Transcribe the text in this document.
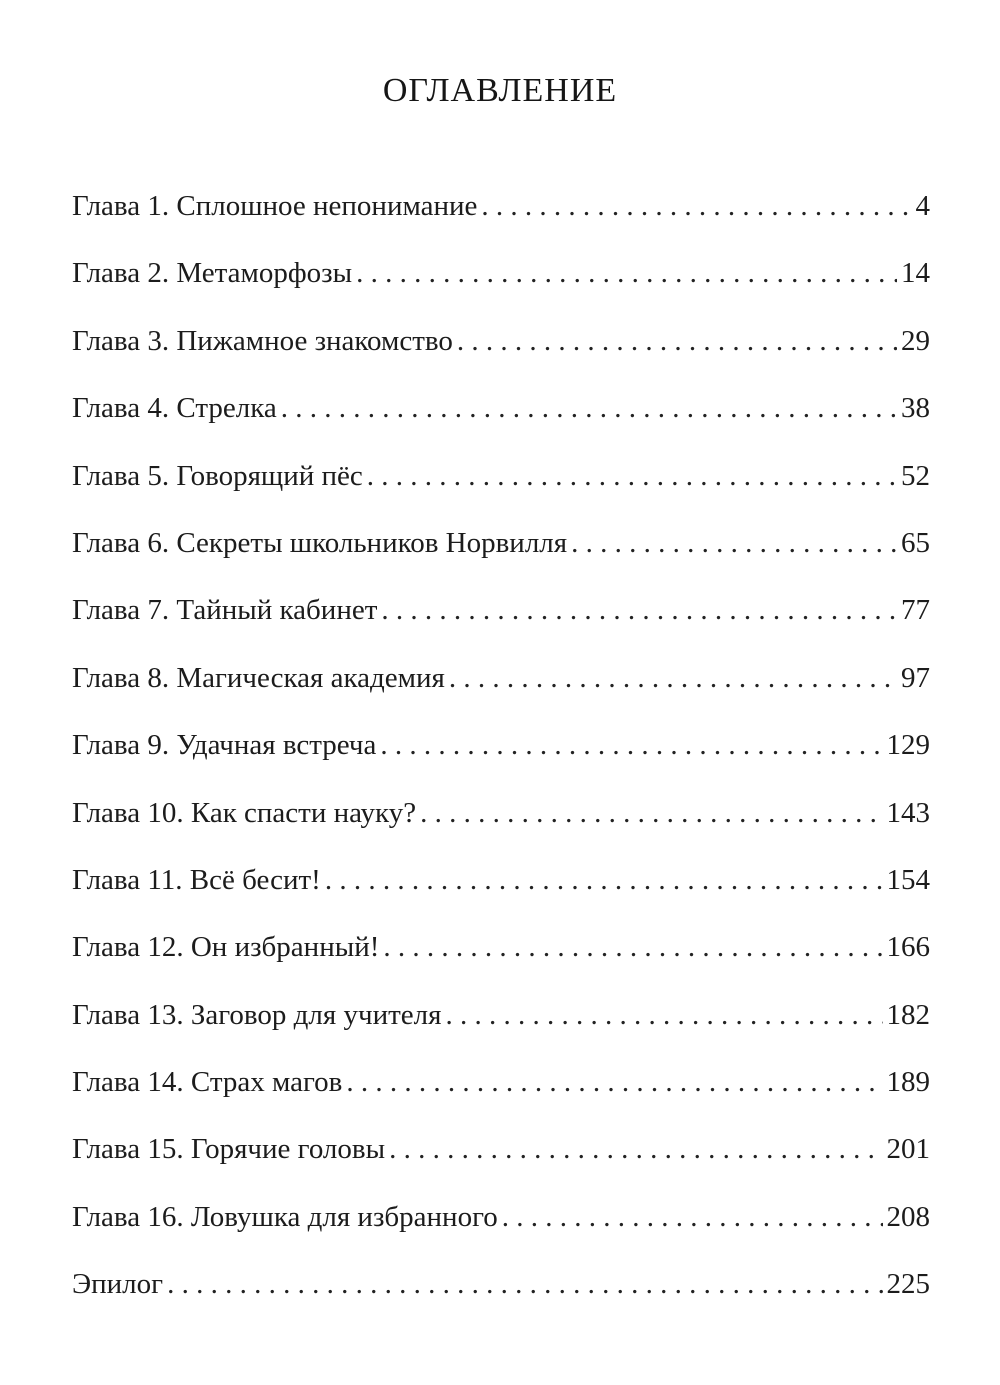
ОГЛАВЛЕНИЕ
Глава 1. Сплошное непонимание . . .	4
Глава 2. Метаморфозы . . .	14
Глава 3. Пижамное знакомство . . .	29
Глава 4. Стрелка . . .	38
Глава 5. Говорящий пёс . . .	52
Глава 6. Секреты школьников Норвилля . . .	65
Глава 7. Тайный кабинет . . .	77
Глава 8. Магическая академия . . .	97
Глава 9. Удачная встреча . . .	129
Глава 10. Как спасти науку? . . .	143
Глава 11. Всё бесит! . . .	154
Глава 12. Он избранный! . . .	166
Глава 13. Заговор для учителя . . .	182
Глава 14. Страх магов . . .	189
Глава 15. Горячие головы . . .	201
Глава 16. Ловушка для избранного . . .	208
Эпилог . . .	225
